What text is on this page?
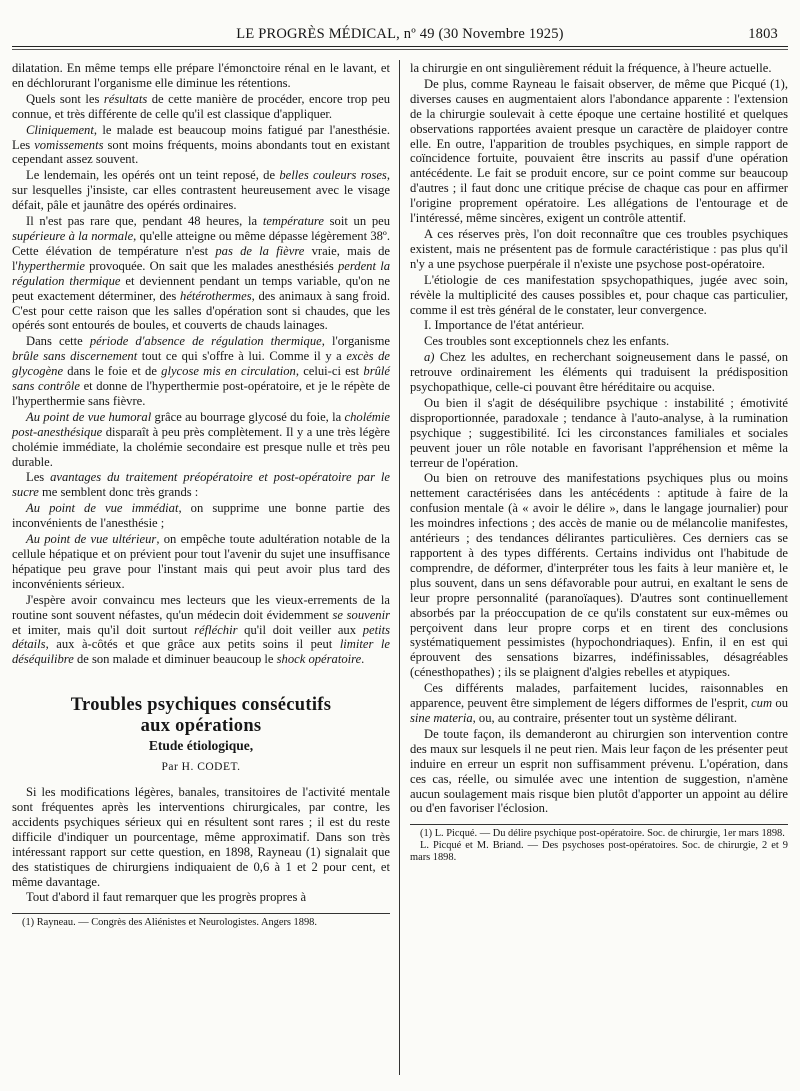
LE PROGRÈS MÉDICAL, nº 49 (30 Novembre 1925)	1803

dilatation. En même temps elle prépare l'émonctoire rénal en le lavant, et en déchlorurant l'organisme elle diminue les rétentions.

Quels sont les résultats de cette manière de procéder, encore trop peu connue, et très différente de celle qu'il est classique d'appliquer.

Cliniquement, le malade est beaucoup moins fatigué par l'anesthésie. Les vomissements sont moins fréquents, moins abondants tout en existant cependant assez souvent.

Le lendemain, les opérés ont un teint reposé, de belles couleurs roses, sur lesquelles j'insiste, car elles contrastent heureusement avec le visage défait, pâle et jaunâtre des opérés ordinaires.

Il n'est pas rare que, pendant 48 heures, la température soit un peu supérieure à la normale, qu'elle atteigne ou même dépasse légèrement 38º. Cette élévation de température n'est pas de la fièvre vraie, mais de l'hyperthermie provoquée. On sait que les malades anesthésiés perdent la régulation thermique et deviennent pendant un temps variable, qu'on ne peut exactement déterminer, des hétérothermes, des animaux à sang froid. C'est pour cette raison que les salles d'opération sont si chaudes, que les opérés sont entourés de boules, et couverts de chauds lainages.

Dans cette période d'absence de régulation thermique, l'organisme brûle sans discernement tout ce qui s'offre à lui. Comme il y a excès de glycogène dans le foie et de glycose mis en circulation, celui-ci est brûlé sans contrôle et donne de l'hyperthermie post-opératoire, et je le répète de l'hyperthermie sans fièvre.

Au point de vue humoral grâce au bourrage glycosé du foie, la cholémie post-anesthésique disparaît à peu près complètement. Il y a une très légère cholémie immédiate, la cholémie secondaire est presque nulle et très peu durable.

Les avantages du traitement préopératoire et post-opératoire par le sucre me semblent donc très grands :

Au point de vue immédiat, on supprime une bonne partie des inconvénients de l'anesthésie ;

Au point de vue ultérieur, on empêche toute adultération notable de la cellule hépatique et on prévient pour tout l'avenir du sujet une insuffisance hépatique peu grave pour l'instant mais qui peut avoir plus tard des inconvénients sérieux.

J'espère avoir convaincu mes lecteurs que les vieux-errements de la routine sont souvent néfastes, qu'un médecin doit évidemment se souvenir et imiter, mais qu'il doit surtout réfléchir qu'il doit veiller aux petits détails, aux à-côtés et que grâce aux petits soins il peut limiter le déséquilibre de son malade et diminuer beaucoup le shock opératoire.

Troubles psychiques consécutifs
aux opérations
Etude étiologique,
Par H. CODET.

Si les modifications légères, banales, transitoires de l'activité mentale sont fréquentes après les interventions chirurgicales, par contre, les accidents psychiques sérieux qui en résultent sont rares ; il est du reste difficile d'indiquer un pourcentage, même approximatif. Dans son très intéressant rapport sur cette question, en 1898, Rayneau (1) signalait que des statistiques de chirurgiens indiquaient de 0,6 à 1 et 2 pour cent, et même davantage.

Tout d'abord il faut remarquer que les progrès propres à

(1) Rayneau. — Congrès des Aliénistes et Neurologistes. Angers 1898.

la chirurgie en ont singulièrement réduit la fréquence, à l'heure actuelle.

De plus, comme Rayneau le faisait observer, de même que Picqué (1), diverses causes en augmentaient alors l'abondance apparente : l'extension de la chirurgie soulevait à cette époque une certaine hostilité et quelques observations rapportées avaient presque un caractère de plaidoyer contre elle. En outre, l'apparition de troubles psychiques, en simple rapport de coïncidence fortuite, pouvaient être inscrits au passif d'une opération antécédente. Le fait se produit encore, sur ce point comme sur beaucoup d'autres ; il faut donc une critique précise de chaque cas pour en affirmer l'origine proprement opératoire. Les allégations de l'entourage et de l'intéressé, même sincères, exigent un contrôle attentif.

A ces réserves près, l'on doit reconnaître que ces troubles psychiques existent, mais ne présentent pas de formule caractéristique : pas plus qu'il n'y a une psychose puerpérale il n'existe une psychose post-opératoire.

L'étiologie de ces manifestation spsychopathiques, jugée avec soin, révèle la multiplicité des causes possibles et, pour chaque cas particulier, comme il est très général de le constater, leur convergence.

I. Importance de l'état antérieur.

Ces troubles sont exceptionnels chez les enfants.

a) Chez les adultes, en recherchant soigneusement dans le passé, on retrouve ordinairement les éléments qui traduisent la prédisposition psychopathique, celle-ci pouvant être héréditaire ou acquise.

Ou bien il s'agit de déséquilibre psychique : instabilité ; émotivité disproportionnée, paradoxale ; tendance à l'auto-analyse, à la rumination psychique ; suggestibilité. Ici les circonstances familiales et sociales peuvent jouer un rôle notable en favorisant l'appréhension et même la terreur de l'opération.

Ou bien on retrouve des manifestations psychiques plus ou moins nettement caractérisées dans les antécédents : aptitude à faire de la confusion mentale (à « avoir le délire », dans le langage journalier) pour les moindres infections ; des accès de manie ou de mélancolie manifestes, antérieurs ; des tendances délirantes particulières. Ces derniers cas se rapportent à des types différents. Certains individus ont l'habitude de comprendre, de déformer, d'interpréter tous les faits à leur manière et, le plus souvent, dans un sens défavorable pour autrui, en exaltant le sens de leur propre personnalité (paranoïaques). D'autres sont continuellement absorbés par la préoccupation de ce qu'ils constatent sur eux-mêmes ou perçoivent dans leur propre corps et en tirent des conclusions systématiquement pessimistes (hypochondriaques). Enfin, il en est qui éprouvent des sensations bizarres, indéfinissables, désagréables (cénesthopathes) ; ils se plaignent d'algies rebelles et atypiques.

Ces différents malades, parfaitement lucides, raisonnables en apparence, peuvent être simplement de légers difformes de l'esprit, cum ou sine materia, ou, au contraire, présenter tout un système délirant.

De toute façon, ils demanderont au chirurgien son intervention contre des maux sur lesquels il ne peut rien. Mais leur façon de les présenter peut induire en erreur un esprit non suffisamment prévenu. L'opération, dans ces cas, réelle, ou simulée avec une intention de suggestion, n'amène aucun soulagement mais risque bien plutôt d'apporter un appoint au délire ou d'en favoriser l'éclosion.

(1) L. Picqué. — Du délire psychique post-opératoire. Soc. de chirurgie, 1er mars 1898.

L. Picqué et M. Briand. — Des psychoses post-opératoires. Soc. de chirurgie, 2 et 9 mars 1898.
